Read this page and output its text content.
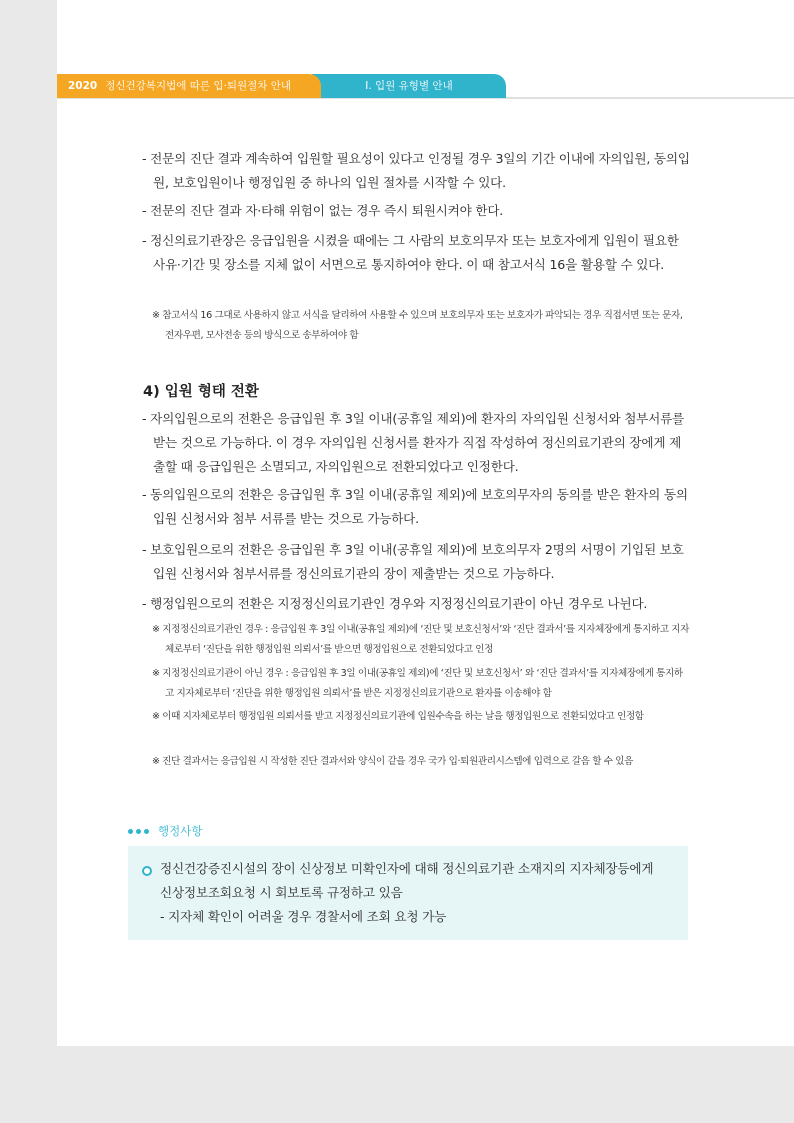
Ⅰ. 입원 유형별 안내
2020 정신건강복지법에 따른 입·퇴원절차 안내

- 전문의 진단 결과 계속하여 입원할 필요성이 있다고 인정될 경우 3일의 기간 이내에 자의입원, 동의입원, 보호입원이나 행정입원 중 하나의 입원 절차를 시작할 수 있다.

- 전문의 진단 결과 자·타해 위험이 없는 경우 즉시 퇴원시켜야 한다.

- 정신의료기관장은 응급입원을 시켰을 때에는 그 사람의 보호의무자 또는 보호자에게 입원이 필요한 사유·기간 및 장소를 지체 없이 서면으로 통지하여야 한다. 이 때 참고서식 16을 활용할 수 있다.

※ 참고서식 16 그대로 사용하지 않고 서식을 달리하여 사용할 수 있으며 보호의무자 또는 보호자가 파악되는 경우 직접서면 또는 문자, 전자우편, 모사전송 등의 방식으로 송부하여야 함

4) 입원 형태 전환

- 자의입원으로의 전환은 응급입원 후 3일 이내(공휴일 제외)에 환자의 자의입원 신청서와 첨부서류를 받는 것으로 가능하다. 이 경우 자의입원 신청서를 환자가 직접 작성하여 정신의료기관의 장에게 제출할 때 응급입원은 소멸되고, 자의입원으로 전환되었다고 인정한다.

- 동의입원으로의 전환은 응급입원 후 3일 이내(공휴일 제외)에 보호의무자의 동의를 받은 환자의 동의입원 신청서와 첨부 서류를 받는 것으로 가능하다.

- 보호입원으로의 전환은 응급입원 후 3일 이내(공휴일 제외)에 보호의무자 2명의 서명이 기입된 보호 입원 신청서와 첨부서류를 정신의료기관의 장이 제출받는 것으로 가능하다.

- 행정입원으로의 전환은 지정정신의료기관인 경우와 지정정신의료기관이 아닌 경우로 나뉜다.

※ 지정정신의료기관인 경우 : 응급입원 후 3일 이내(공휴일 제외)에 ‘진단 및 보호신청서’와 ‘진단 결과서’를 지자체장에게 통지하고 지자체로부터 ‘진단을 위한 행정입원 의뢰서’를 받으면 행정입원으로 전환되었다고 인정

※ 지정정신의료기관이 아닌 경우 : 응급입원 후 3일 이내(공휴일 제외)에 ‘진단 및 보호신청서’ 와 ‘진단 결과서’를 지자체장에게 통지하고 지자체로부터 ‘진단을 위한 행정입원 의뢰서’를 받은 지정정신의료기관으로 환자를 이송해야 함

※ 이때 지자체로부터 행정입원 의뢰서를 받고 지정정신의료기관에 입원수속을 하는 날을 행정입원으로 전환되었다고 인정함

※ 진단 결과서는 응급입원 시 작성한 진단 결과서와 양식이 같을 경우 국가 입·퇴원관리시스템에 입력으로 갈음 할 수 있음

행정사항

정신건강증진시설의 장이 신상정보 미확인자에 대해 정신의료기관 소재지의 지자체장등에게

신상정보조회요청 시 회보토록 규정하고 있음

- 지자체 확인이 어려울 경우 경찰서에 조회 요청 가능
